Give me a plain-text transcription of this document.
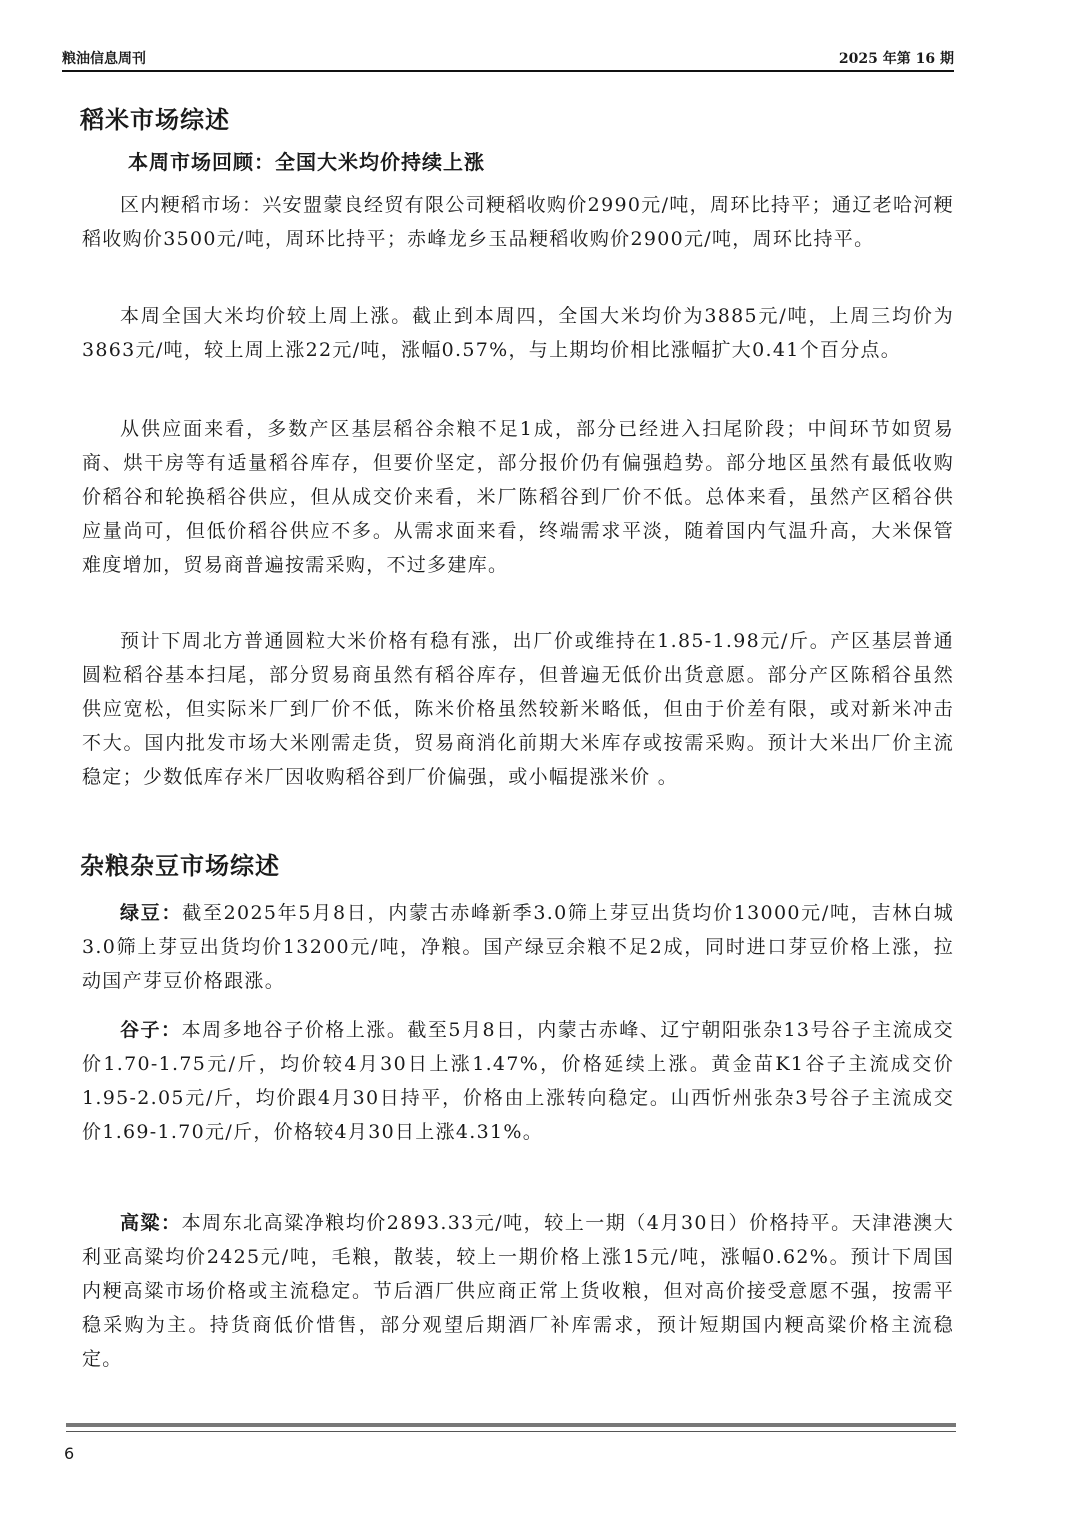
粮油信息周刊	2025 年第 16 期
稻米市场综述
本周市场回顾：全国大米均价持续上涨

区内粳稻市场：兴安盟蒙良经贸有限公司粳稻收购价2990元/吨，周环比持平；通辽老哈河粳稻收购价3500元/吨，周环比持平；赤峰龙乡玉品粳稻收购价2900元/吨，周环比持平。

本周全国大米均价较上周上涨。截止到本周四，全国大米均价为3885元/吨，上周三均价为3863元/吨，较上周上涨22元/吨，涨幅0.57%，与上期均价相比涨幅扩大0.41个百分点。

从供应面来看，多数产区基层稻谷余粮不足1成，部分已经进入扫尾阶段；中间环节如贸易商、烘干房等有适量稻谷库存，但要价坚定，部分报价仍有偏强趋势。部分地区虽然有最低收购价稻谷和轮换稻谷供应，但从成交价来看，米厂陈稻谷到厂价不低。总体来看，虽然产区稻谷供应量尚可，但低价稻谷供应不多。从需求面来看，终端需求平淡，随着国内气温升高，大米保管难度增加，贸易商普遍按需采购，不过多建库。

预计下周北方普通圆粒大米价格有稳有涨，出厂价或维持在1.85-1.98元/斤。产区基层普通圆粒稻谷基本扫尾，部分贸易商虽然有稻谷库存，但普遍无低价出货意愿。部分产区陈稻谷虽然供应宽松，但实际米厂到厂价不低，陈米价格虽然较新米略低，但由于价差有限，或对新米冲击不大。国内批发市场大米刚需走货，贸易商消化前期大米库存或按需采购。预计大米出厂价主流稳定；少数低库存米厂因收购稻谷到厂价偏强，或小幅提涨米价 。

杂粮杂豆市场综述

绿豆：截至2025年5月8日，内蒙古赤峰新季3.0筛上芽豆出货均价13000元/吨，吉林白城3.0筛上芽豆出货均价13200元/吨，净粮。国产绿豆余粮不足2成，同时进口芽豆价格上涨，拉动国产芽豆价格跟涨。

谷子：本周多地谷子价格上涨。截至5月8日，内蒙古赤峰、辽宁朝阳张杂13号谷子主流成交价1.70-1.75元/斤，均价较4月30日上涨1.47%，价格延续上涨。黄金苗K1谷子主流成交价1.95-2.05元/斤，均价跟4月30日持平，价格由上涨转向稳定。山西忻州张杂3号谷子主流成交价1.69-1.70元/斤，价格较4月30日上涨4.31%。

高粱：本周东北高粱净粮均价2893.33元/吨，较上一期（4月30日）价格持平。天津港澳大利亚高粱均价2425元/吨，毛粮，散装，较上一期价格上涨15元/吨，涨幅0.62%。预计下周国内粳高粱市场价格或主流稳定。节后酒厂供应商正常上货收粮，但对高价接受意愿不强，按需平稳采购为主。持货商低价惜售，部分观望后期酒厂补库需求，预计短期国内粳高粱价格主流稳定。

6
